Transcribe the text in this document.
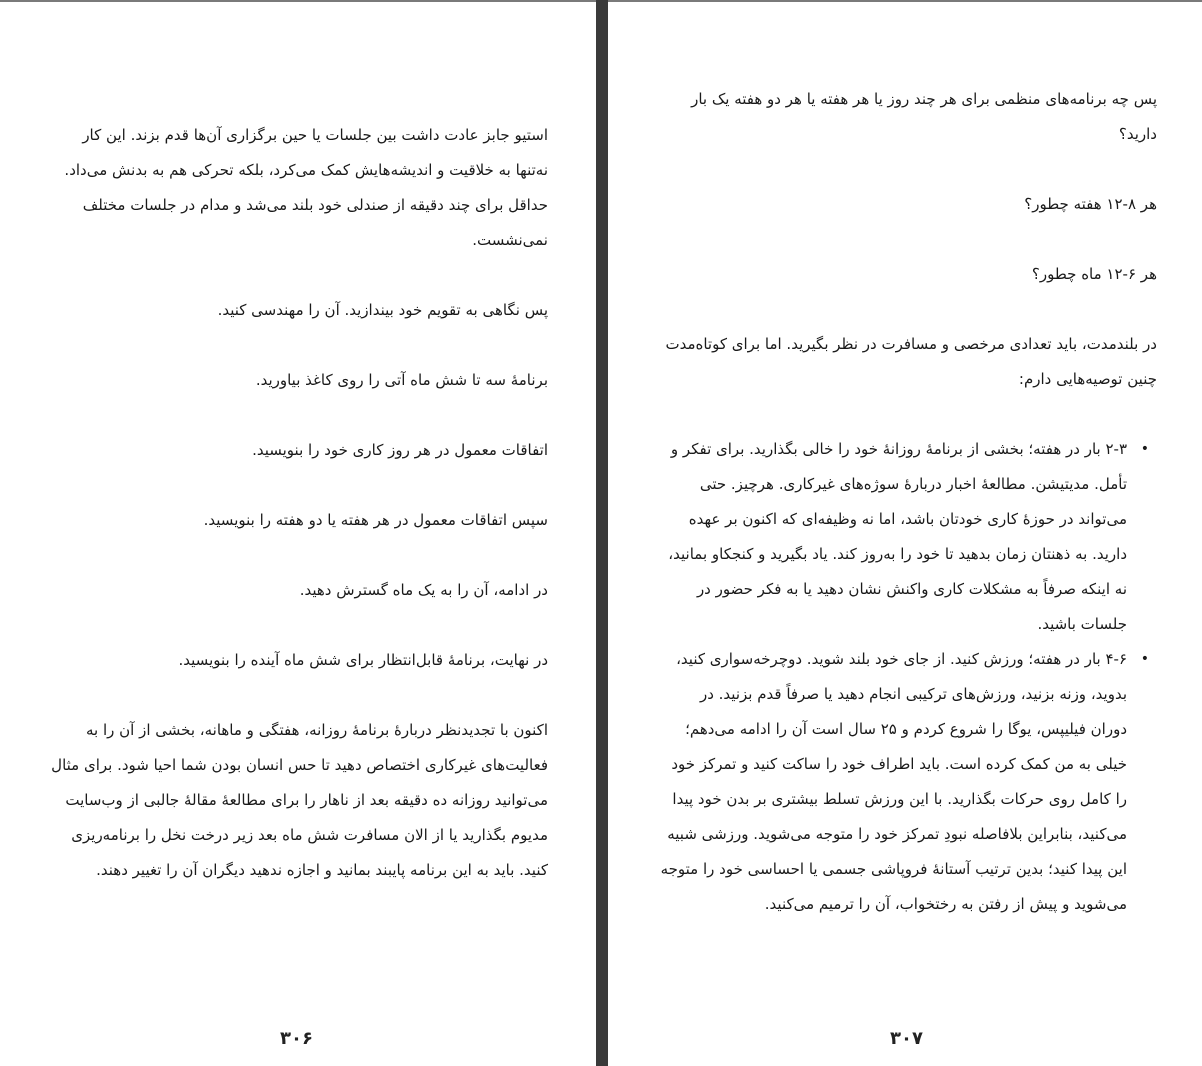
استیو جابز عادت داشت بین جلسات یا حین برگزاری آن‌ها قدم بزند. این کار نه‌تنها به خلاقیت و اندیشه‌هایش کمک می‌کرد، بلکه تحرکی هم به بدنش می‌داد. حداقل برای چند دقیقه از صندلی خود بلند می‌شد و مدام در جلسات مختلف نمی‌نشست.

پس نگاهی به تقویم خود بیندازید. آن را مهندسی کنید.

برنامهٔ سه تا شش ماه آتی را روی کاغذ بیاورید.

اتفاقات معمول در هر روز کاری خود را بنویسید.

سپس اتفاقات معمول در هر هفته یا دو هفته را بنویسید.

در ادامه، آن را به یک ماه گسترش دهید.

در نهایت، برنامهٔ قابل‌انتظار برای شش ماه آینده را بنویسید.

اکنون با تجدیدنظر دربارهٔ برنامهٔ روزانه، هفتگی و ماهانه، بخشی از آن را به فعالیت‌های غیرکاری اختصاص دهید تا حس انسان بودن شما احیا شود. برای مثال می‌توانید روزانه ده دقیقه بعد از ناهار را برای مطالعهٔ مقالهٔ جالبی از وب‌سایت مدیوم بگذارید یا از الان مسافرت شش ماه بعد زیر درخت نخل را برنامه‌ریزی کنید. باید به این برنامه پایبند بمانید و اجازه ندهید دیگران آن را تغییر دهند.

۳۰۶

پس چه برنامه‌های منظمی برای هر چند روز یا هر هفته یا هر دو هفته یک بار دارید؟

هر ۸-۱۲ هفته چطور؟

هر ۶-۱۲ ماه چطور؟

در بلندمدت، باید تعدادی مرخصی و مسافرت در نظر بگیرید. اما برای کوتاه‌مدت چنین توصیه‌هایی دارم:

•
۲-۳ بار در هفته؛ بخشی از برنامهٔ روزانهٔ خود را خالی بگذارید. برای تفکر و تأمل. مدیتیشن. مطالعهٔ اخبار دربارهٔ سوژه‌های غیرکاری. هرچیز. حتی می‌تواند در حوزهٔ کاری خودتان باشد، اما نه وظیفه‌ای که اکنون بر عهده دارید. به ذهنتان زمان بدهید تا خود را به‌روز کند. یاد بگیرید و کنجکاو بمانید، نه اینکه صرفاً به مشکلات کاری واکنش نشان دهید یا به فکر حضور در جلسات باشید.
•
۴-۶ بار در هفته؛ ورزش کنید. از جای خود بلند شوید. دوچرخه‌سواری کنید، بدوید، وزنه بزنید، ورزش‌های ترکیبی انجام دهید یا صرفاً قدم بزنید. در دوران فیلیپس، یوگا را شروع کردم و ۲۵ سال است آن را ادامه می‌دهم؛ خیلی به من کمک کرده است. باید اطراف خود را ساکت کنید و تمرکز خود را کامل روی حرکات بگذارید. با این ورزش تسلط بیشتری بر بدن خود پیدا می‌کنید، بنابراین بلافاصله نبودِ تمرکز خود را متوجه می‌شوید. ورزشی شبیه این پیدا کنید؛ بدین ترتیب آستانهٔ فروپاشی جسمی یا احساسی خود را متوجه می‌شوید و پیش از رفتن به رختخواب، آن را ترمیم می‌کنید.
۳۰۷
